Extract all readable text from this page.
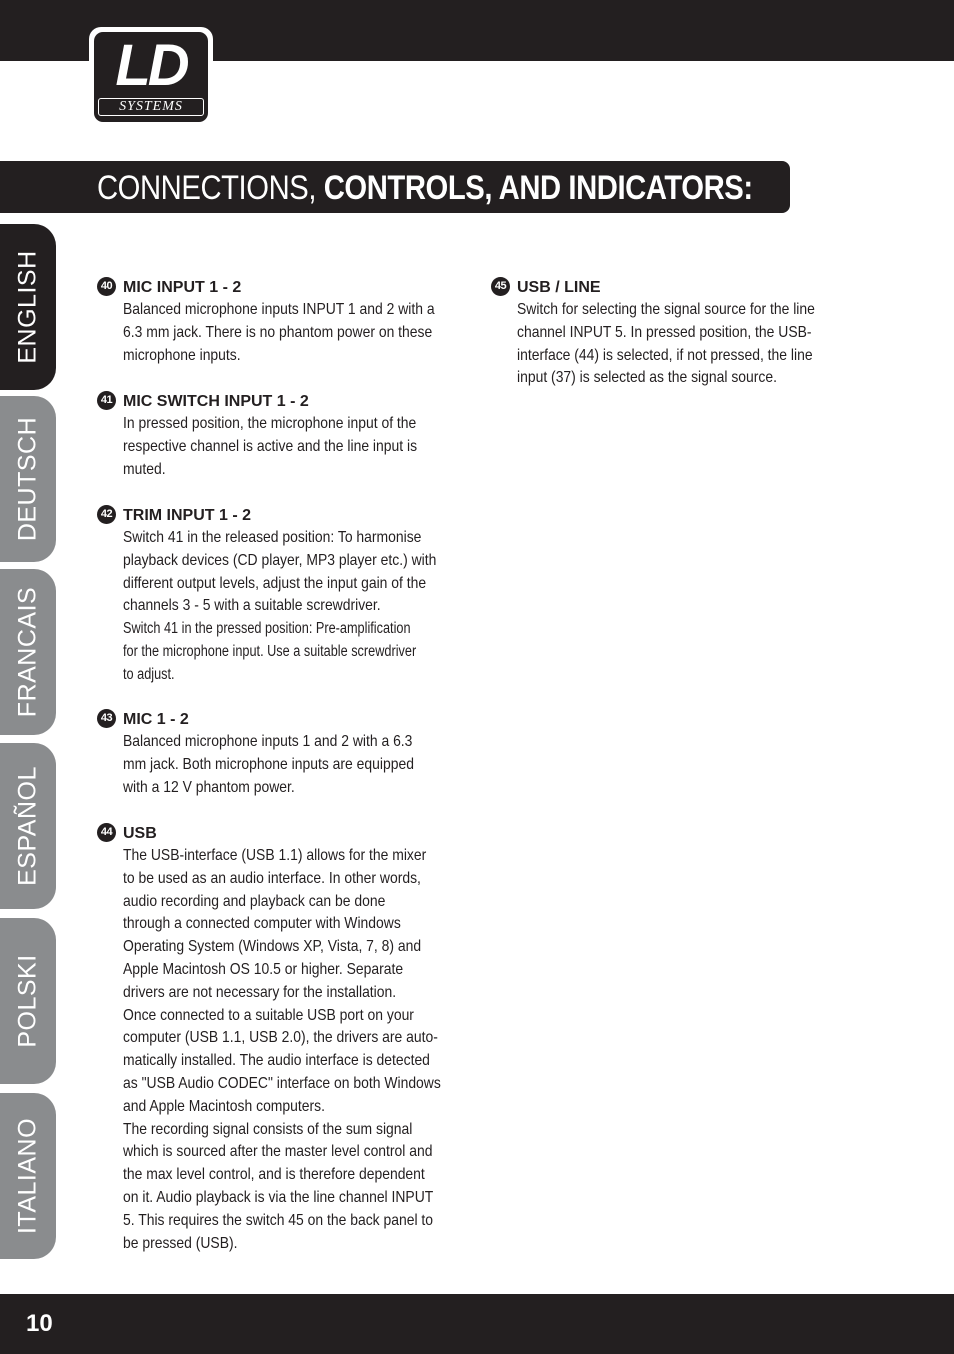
LD
SYSTEMS
CONNECTIONS, CONTROLS, AND INDICATORS:
ENGLISH
DEUTSCH
FRANCAIS
ESPAÑOL
POLSKI
ITALIANO
40 MIC INPUT 1 - 2

Balanced microphone inputs INPUT 1 and 2 with a

6.3 mm jack. There is no phantom power on these

microphone inputs.

41 MIC SWITCH INPUT 1 - 2

In pressed position, the microphone input of the

respective channel is active and the line input is

muted.

42 TRIM INPUT 1 - 2

Switch 41 in the released position: To harmonise

playback devices (CD player, MP3 player etc.) with

different output levels, adjust the input gain of the

channels 3 - 5 with a suitable screwdriver.

Switch 41 in the pressed position: Pre-amplification

for the microphone input. Use a suitable screwdriver

to adjust.

43 MIC 1 - 2

Balanced microphone inputs 1 and 2 with a 6.3

mm jack. Both microphone inputs are equipped

with a 12 V phantom power.

44 USB

The USB-interface (USB 1.1) allows for the mixer

to be used as an audio interface. In other words,

audio recording and playback can be done

through a connected computer with Windows

Operating System (Windows XP, Vista, 7, 8) and

Apple Macintosh OS 10.5 or higher. Separate

drivers are not necessary for the installation.

Once connected to a suitable USB port on your

computer (USB 1.1, USB 2.0), the drivers are auto-

matically installed. The audio interface is detected

as "USB Audio CODEC" interface on both Windows

and Apple Macintosh computers.

The recording signal consists of the sum signal

which is sourced after the master level control and

the max level control, and is therefore dependent

on it. Audio playback is via the line channel INPUT

5. This requires the switch 45 on the back panel to

be pressed (USB).

45 USB / LINE

Switch for selecting the signal source for the line

channel INPUT 5. In pressed position, the USB-

interface (44) is selected, if not pressed, the line

input (37) is selected as the signal source.

10
